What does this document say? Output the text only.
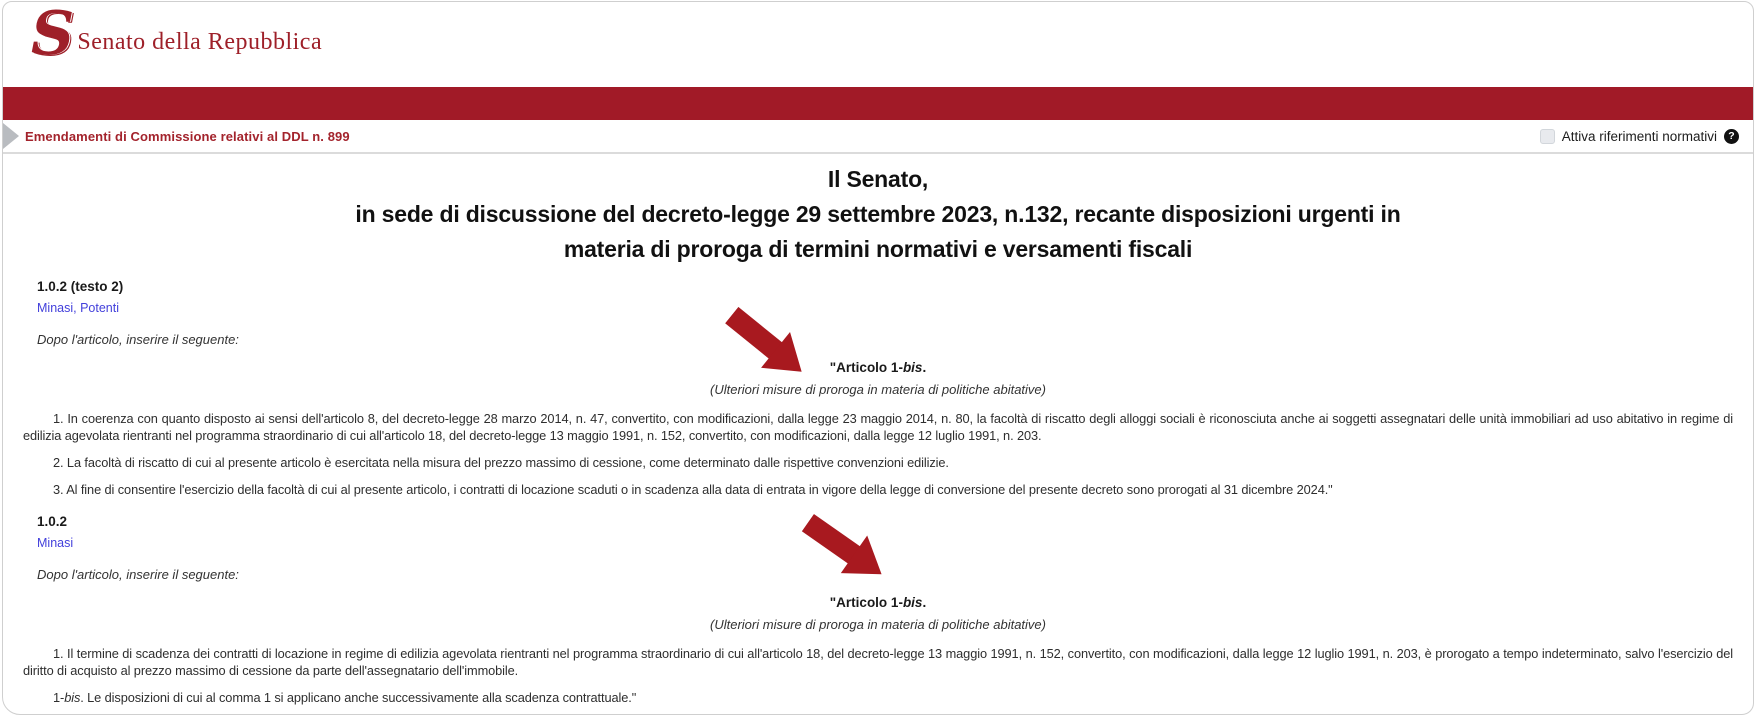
S Senato della Repubblica
Emendamenti di Commissione relativi al DDL n. 899	Attiva riferimenti normativi	?
Il Senato,
in sede di discussione del decreto-legge 29 settembre 2023, n.132, recante disposizioni urgenti in
materia di proroga di termini normativi e versamenti fiscali
1.0.2 (testo 2)
Minasi, Potenti

Dopo l'articolo, inserire il seguente:

"Articolo 1-bis.
(Ulteriori misure di proroga in materia di politiche abitative)

1. In coerenza con quanto disposto ai sensi dell'articolo 8, del decreto-legge 28 marzo 2014, n. 47, convertito, con modificazioni, dalla legge 23 maggio 2014, n. 80, la facoltà di riscatto degli alloggi sociali è riconosciuta anche ai soggetti assegnatari delle unità immobiliari ad uso abitativo in regime di edilizia agevolata rientranti nel programma straordinario di cui all'articolo 18, del decreto-legge 13 maggio 1991, n. 152, convertito, con modificazioni, dalla legge 12 luglio 1991, n. 203.

2. La facoltà di riscatto di cui al presente articolo è esercitata nella misura del prezzo massimo di cessione, come determinato dalle rispettive convenzioni edilizie.

3. Al fine di consentire l'esercizio della facoltà di cui al presente articolo, i contratti di locazione scaduti o in scadenza alla data di entrata in vigore della legge di conversione del presente decreto sono prorogati al 31 dicembre 2024."

1.0.2
Minasi

Dopo l'articolo, inserire il seguente:

"Articolo 1-bis.
(Ulteriori misure di proroga in materia di politiche abitative)

1. Il termine di scadenza dei contratti di locazione in regime di edilizia agevolata rientranti nel programma straordinario di cui all'articolo 18, del decreto-legge 13 maggio 1991, n. 152, convertito, con modificazioni, dalla legge 12 luglio 1991, n. 203, è prorogato a tempo indeterminato, salvo l'esercizio del diritto di acquisto al prezzo massimo di cessione da parte dell'assegnatario dell'immobile.

1-bis. Le disposizioni di cui al comma 1 si applicano anche successivamente alla scadenza contrattuale."
